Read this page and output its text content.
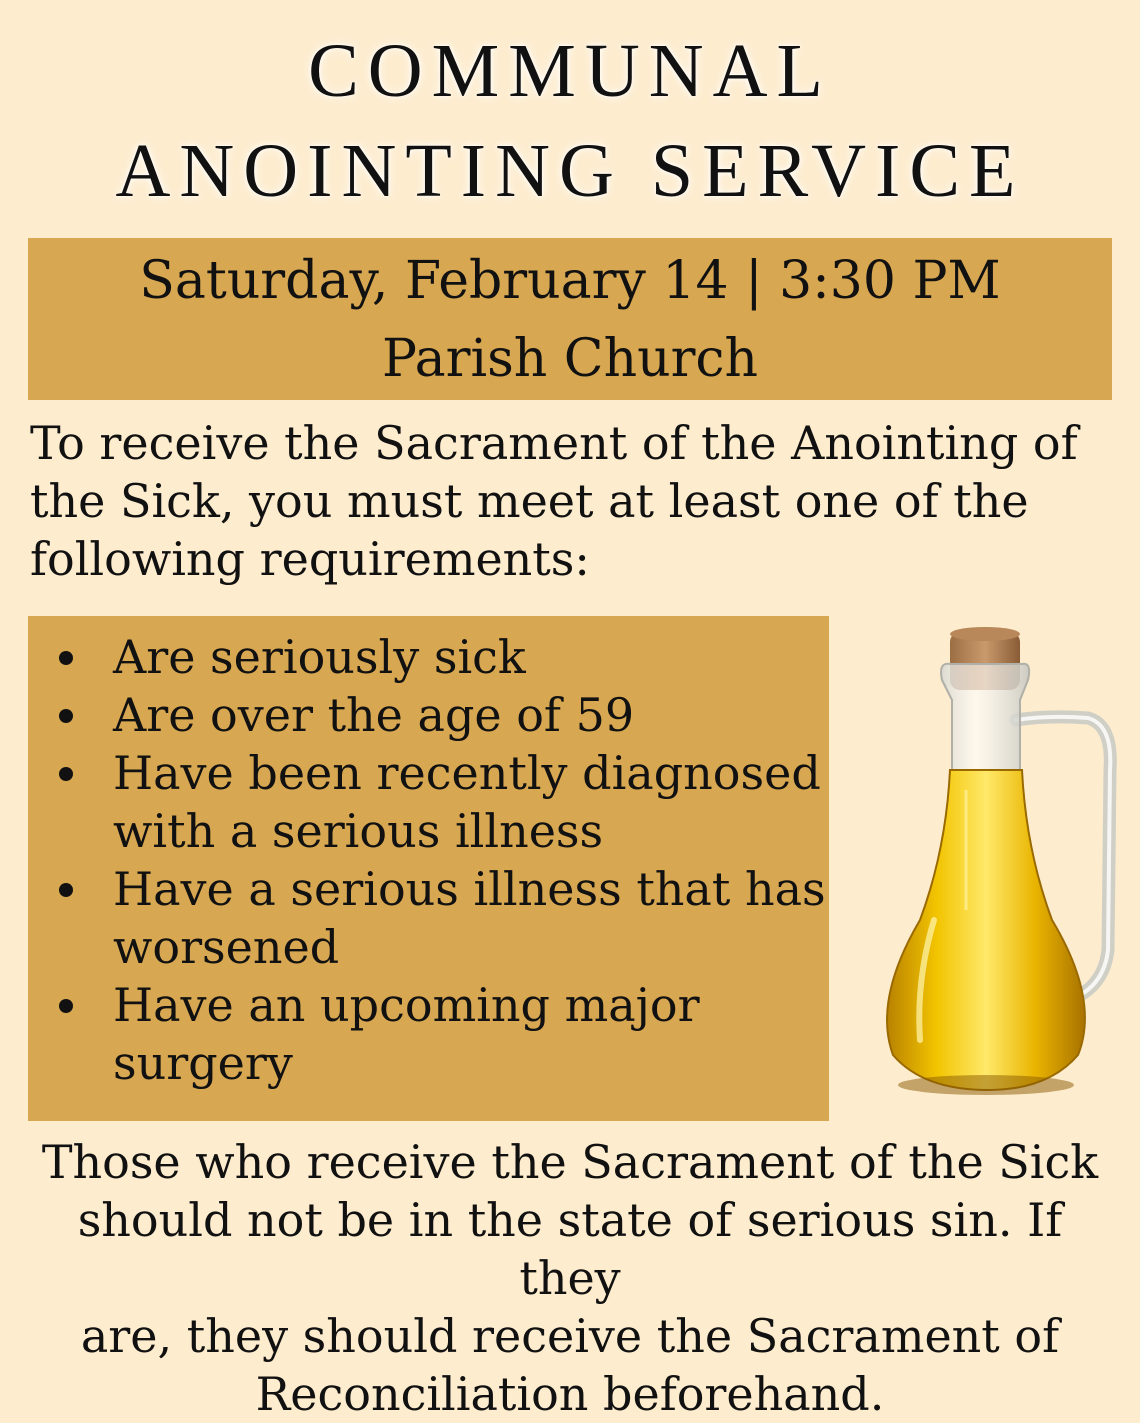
COMMUNAL
ANOINTING SERVICE
Saturday, February 14 | 3:30 PM
Parish Church

To receive the Sacrament of the Anointing of
the Sick, you must meet at least one of the
following requirements:

Are seriously sick
Are over the age of 59
Have been recently diagnosed
with a serious illness
Have a serious illness that has
worsened
Have an upcoming major
surgery

Those who receive the Sacrament of the Sick
should not be in the state of serious sin. If they
are, they should receive the Sacrament of
Reconciliation beforehand.
